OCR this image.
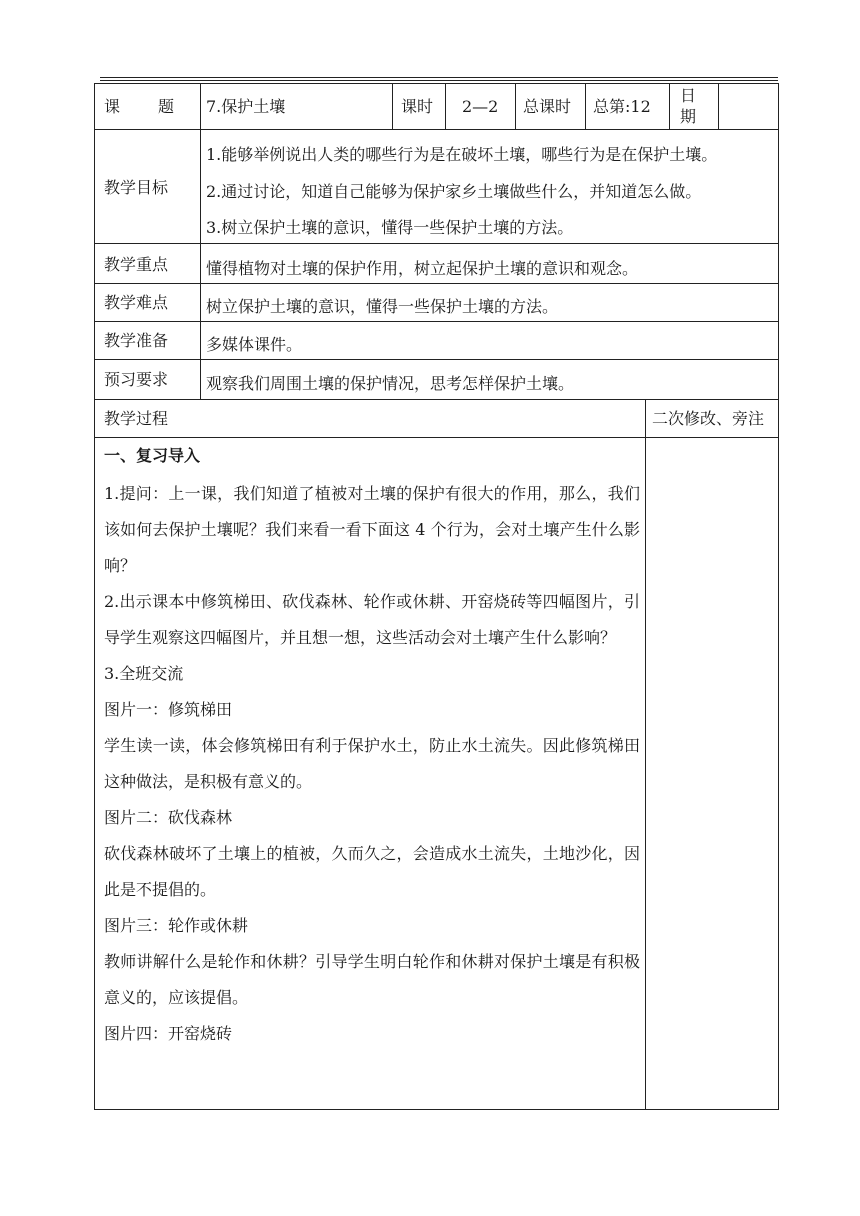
课 题 7.保护土壤	课时 2—2 总课时 总第:12
日
期
教学目标
1.能够举例说出人类的哪些行为是在破坏土壤，哪些行为是在保护土壤。
2.通过讨论，知道自己能够为保护家乡土壤做些什么，并知道怎么做。
3.树立保护土壤的意识，懂得一些保护土壤的方法。
教学重点 懂得植物对土壤的保护作用，树立起保护土壤的意识和观念。
教学难点 树立保护土壤的意识，懂得一些保护土壤的方法。
教学准备 多媒体课件。
预习要求 观察我们周围土壤的保护情况，思考怎样保护土壤。
教学过程	二次修改、旁注

一、复习导入

1.提问：上一课，我们知道了植被对土壤的保护有很大的作用，那么，我们该如何去保护土壤呢？我们来看一看下面这 4 个行为，会对土壤产生什么影响？

2.出示课本中修筑梯田、砍伐森林、轮作或休耕、开窑烧砖等四幅图片，引导学生观察这四幅图片，并且想一想，这些活动会对土壤产生什么影响？

3.全班交流

图片一：修筑梯田

学生读一读，体会修筑梯田有利于保护水土，防止水土流失。因此修筑梯田这种做法，是积极有意义的。

图片二：砍伐森林

砍伐森林破坏了土壤上的植被，久而久之，会造成水土流失，土地沙化，因此是不提倡的。

图片三：轮作或休耕

教师讲解什么是轮作和休耕？引导学生明白轮作和休耕对保护土壤是有积极意义的，应该提倡。

图片四：开窑烧砖
